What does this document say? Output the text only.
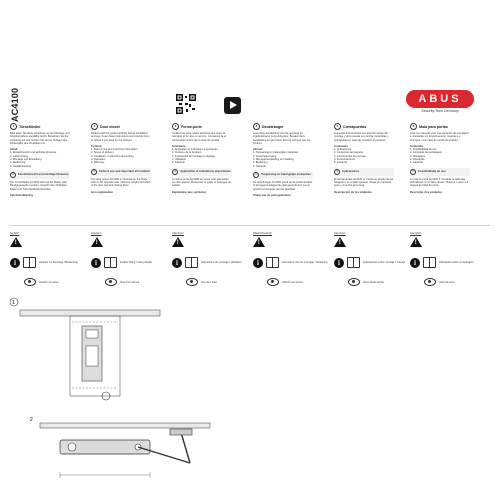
AC4100	ABUS
Security Tech Germany
1	Türschließer
Bitte lesen Sie diese Anleitung vor der Montage und Inbetriebnahme sorgfältig durch. Bewahren Sie die Anleitung auf und reichen Sie sie bei Verkauf oder Weitergabe des Produktes mit.
Inhalt
1. Einsatzbereich und wichtige Hinweise
2. Lieferumfang
3. Montage und Einstellung
4. Bedienung
5. Gewährleistung
1	Einsatzbereich und wichtige Hinweise
Der Türschließer AC4100 wird auf der Band- oder Bandgegenseite montiert. Gewicht des Türblattes, Breite und Türschließkraft beachten.
Symbolerklärung
2	Door closer
Please read this guide carefully before installation and use. Keep these instructions and provide them to others if you pass on the product.
Content
1. Field of use and important information
2. Scope of delivery
3. Installation / instruction and setting
4. Operation
5. Warranty
1	Field of use and important information
The door closer AC4100 is mounted on the hinge side or the opposite side. Observe weight and width of the door leaf and closing force.
Icon explanation
3	Ferme-porte
Veuillez lire cette notice attentivement avant le montage et la mise en service. Conservez-la et transmettez-la lors de la vente du produit.
Sommaire
1. Application et indications importantes
2. Contenu de la livraison
3. Instructions de montage et réglage
4. Utilisation
5. Garantie
1	Application et indications importantes
Le ferme-porte AC4100 se monte côté paumelles ou côté opposé. Respectez le poids et la largeur du vantail.
Explication des symboles
4	Deurdranger
Lees deze handleiding vóór de montage en ingebruikname zorgvuldig door. Bewaar deze handleiding en geef deze door bij verkoop van het product.
Inhoud
1. Toepassing en belangrijke instructies
2. Leveringsomvang
3. Montagehandleiding en instelling
4. Bediening
5. Garantie
1	Toepassing en belangrijke instructies
De deurdranger AC4100 wordt op de scharnierzijde of de tegenoverliggende zijde gemonteerd. Let op gewicht en breedte van het deurblad.
Uitleg van de pictogrammen
5	Cierrapuertas
Lea estas instrucciones con atención antes del montaje y de la puesta en marcha. Guárdelas y entréguelas en caso de transferir el producto.
Contenido
1. Aplicaciones
2. Contenido del paquete
3. Instrucciones de montaje
4. Funcionamiento
5. Garantía
1	Aplicaciones
El cierrapuertas AC4100 se monta en el lado de las bisagras o en el lado opuesto. Tenga en cuenta el peso y el ancho de la hoja.
Descripción de los símbolos
6	Mola para portas
Leia com atenção este manual antes da montagem e colocação em funcionamento. Guarde-o e entregue-o em caso de venda do produto.
Conteúdo
1. Possibilidade de uso
2. Conteúdo da embalagem
3. Montagem
4. Operação
5. Garantia
1	Possibilidade de uso
A mola de porta AC4100 é montada no lado das dobradiças ou no lado oposto. Observe o peso e a largura da folha da porta.
Descrição dos símbolos
Gefahr!
!	Caution!
!	Attention!
!	Waarschuwing!
!	Atención!
!	Atenção!
!
i	Hinweis zur Montage / Bedienung
Ansicht von oben
i	Further fitting / using details
View from above
i	Instructions de montage / utilisation
Vue d'en haut
i	Instructies voor de montage / bediening
Uitzicht van boven
i	Indicaciones sobre montaje / manejo
Vista desde arriba
i	Indicações sobre a montagem
Vista de cima
1
2
